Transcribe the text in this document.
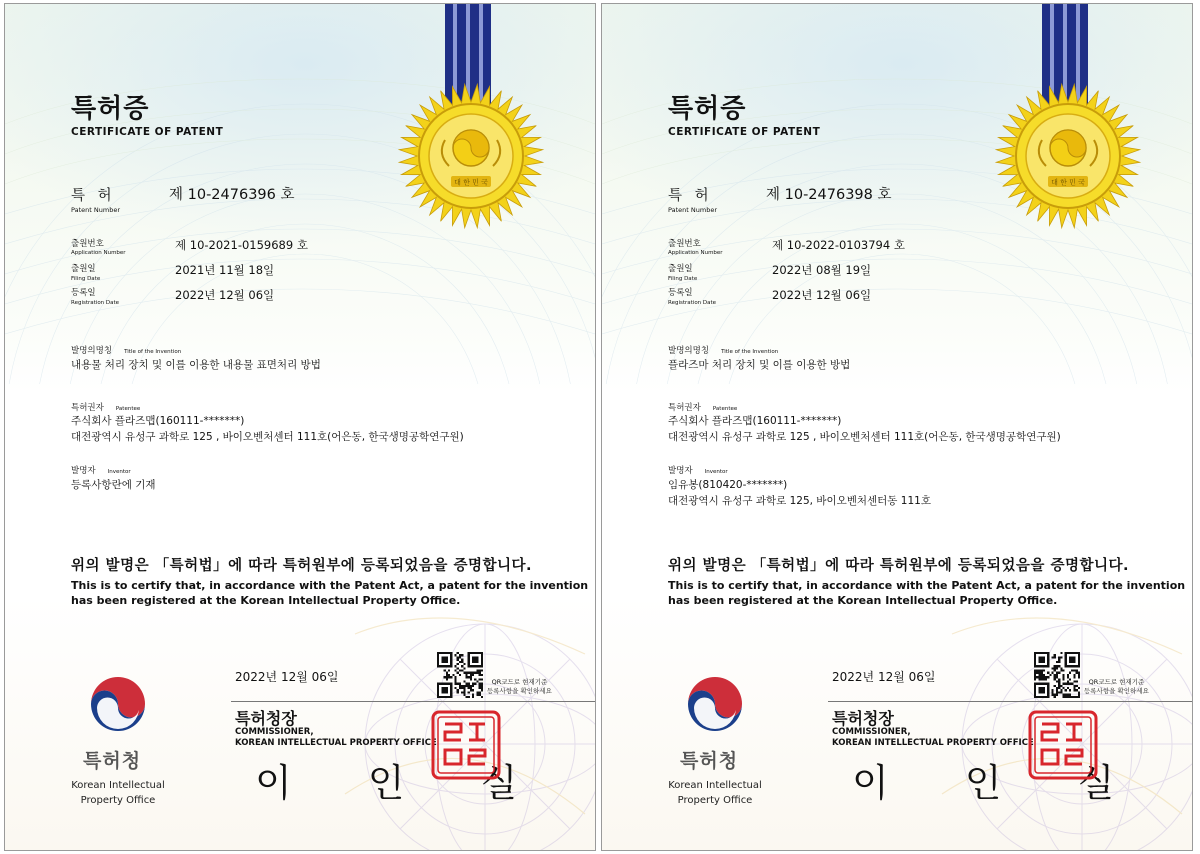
대 한 민 국
특허증
CERTIFICATE OF PATENT
특 허
Patent Number
제 10-2476396 호
출원번호
Application Number
제 10-2021-0159689 호
출원일
Filing Date
2021년 11월 18일
등록일
Registration Date
2022년 12월 06일
발명의명칭 Title of the Invention
내용물 처리 장치 및 이를 이용한 내용물 표면처리 방법
특허권자 Patentee
주식회사 플라즈맵(160111-*******)
대전광역시 유성구 과학로 125 , 바이오벤처센터 111호(어은동, 한국생명공학연구원)
발명자 Inventor
등록사항란에 기재
위의 발명은 「특허법」에 따라 특허원부에 등록되었음을 증명합니다.
This is to certify that, in accordance with the Patent Act, a patent for the invention
has been registered at the Korean Intellectual Property Office.
2022년 12월 06일	QR코드로 현재기준
등록사항을 확인하세요
특허청장
COMMISSIONER,
KOREAN INTELLECTUAL PROPERTY OFFICE
이 인 실
특허청
Korean Intellectual
Property Office
대 한 민 국
특허증
CERTIFICATE OF PATENT
특 허
Patent Number
제 10-2476398 호
출원번호
Application Number
제 10-2022-0103794 호
출원일
Filing Date
2022년 08월 19일
등록일
Registration Date
2022년 12월 06일
발명의명칭 Title of the Invention
플라즈마 처리 장치 및 이를 이용한 방법
특허권자 Patentee
주식회사 플라즈맵(160111-*******)
대전광역시 유성구 과학로 125 , 바이오벤처센터 111호(어은동, 한국생명공학연구원)
발명자 Inventor
임유봉(810420-*******)
대전광역시 유성구 과학로 125, 바이오벤처센터동 111호
위의 발명은 「특허법」에 따라 특허원부에 등록되었음을 증명합니다.
This is to certify that, in accordance with the Patent Act, a patent for the invention
has been registered at the Korean Intellectual Property Office.
2022년 12월 06일	QR코드로 현재기준
등록사항을 확인하세요
특허청장
COMMISSIONER,
KOREAN INTELLECTUAL PROPERTY OFFICE
이 인 실
특허청
Korean Intellectual
Property Office
